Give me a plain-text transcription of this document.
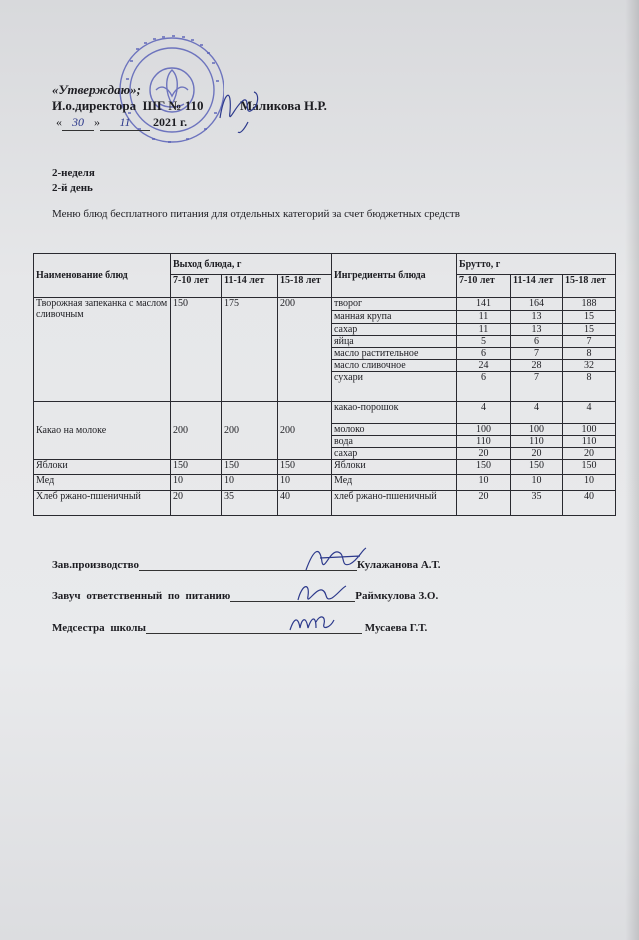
«Утверждаю»;
И.о.директора ШГ № 110	Маликова Н.Р.
« 30 » 11 2021 г.
2-неделя
2-й день
Меню блюд бесплатного питания для отдельных категорий за счет бюджетных средств
Наименование блюд	Выход блюда, г			Ингредиенты блюда	Брутто, г		
	7-10 лет	11-14 лет	15-18 лет		7-10 лет	11-14 лет	15-18 лет
Творожная запеканка с маслом сливочным	150	175	200	творог	141	164	188
				манная крупа	11	13	15
				сахар	11	13	15
				яйца	5	6	7
				масло растительное	6	7	8
				масло сливочное	24	28	32
				сухари	6	7	8
Какао на молоке	200	200	200	какао-порошок	4	4	4
				молоко	100	100	100
				вода	110	110	110
				сахар	20	20	20
Яблоки	150	150	150	Яблоки	150	150	150
Мед	10	10	10	Мед	10	10	10
Хлеб ржано-пшеничный	20	35	40	хлеб ржано-пшеничный	20	35	40
Зав.производство	Кулажанова А.Т.
Завуч ответственный по питанию	Раймкулова З.О.
Медсестра школы	Мусаева Г.Т.
